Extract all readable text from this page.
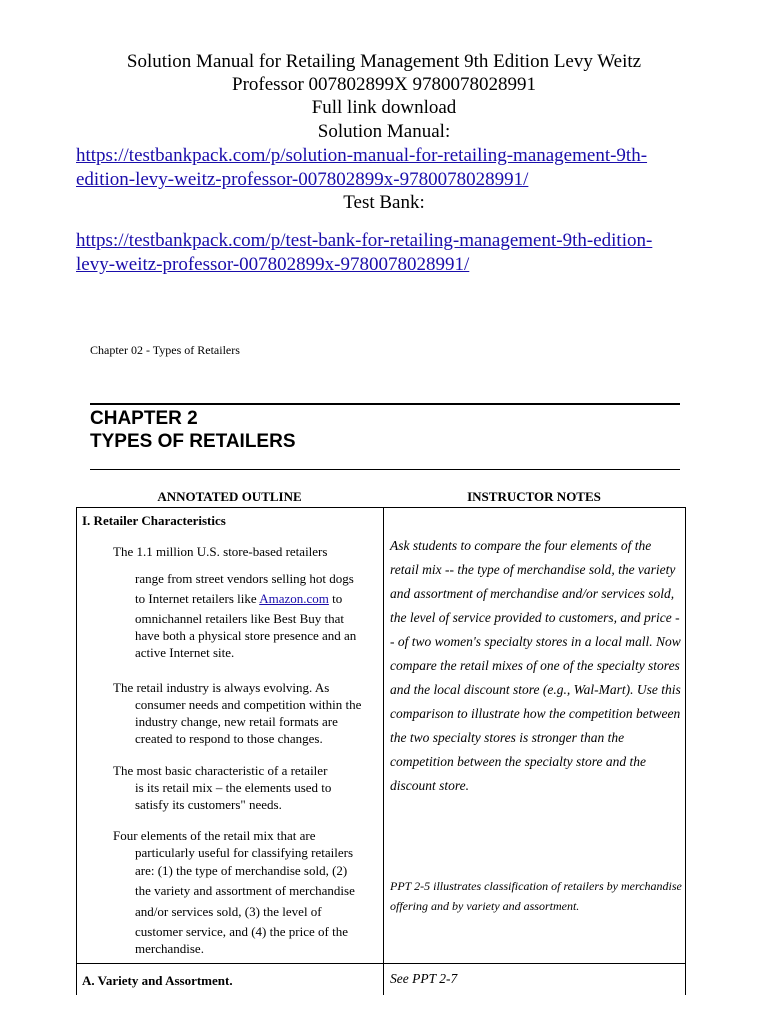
Solution Manual for Retailing Management 9th Edition Levy Weitz
Professor 007802899X 9780078028991
Full link download
Solution Manual:
https://testbankpack.com/p/solution-manual-for-retailing-management-9th-
edition-levy-weitz-professor-007802899x-9780078028991/
Test Bank:
https://testbankpack.com/p/test-bank-for-retailing-management-9th-edition-
levy-weitz-professor-007802899x-9780078028991/
Chapter 02 - Types of Retailers
CHAPTER 2
TYPES OF RETAILERS
ANNOTATED OUTLINE	INSTRUCTOR NOTES
I. Retailer Characteristics
The 1.1 million U.S. store-based retailers
range from street vendors selling hot dogs
to Internet retailers like Amazon.com to
omnichannel retailers like Best Buy that
have both a physical store presence and an
active Internet site.
The retail industry is always evolving. As
consumer needs and competition within the
industry change, new retail formats are
created to respond to those changes.
The most basic characteristic of a retailer
is its retail mix – the elements used to
satisfy its customers" needs.
Four elements of the retail mix that are
particularly useful for classifying retailers
are: (1) the type of merchandise sold, (2)
the variety and assortment of merchandise
and/or services sold, (3) the level of
customer service, and (4) the price of the
merchandise.
A. Variety and Assortment.
Ask students to compare the four elements of the retail mix -- the type of merchandise sold, the variety and assortment of merchandise and/or services sold, the level of service provided to customers, and price -- of two women's specialty stores in a local mall. Now compare the retail mixes of one of the specialty stores and the local discount store (e.g., Wal-Mart). Use this comparison to illustrate how the competition between the two specialty stores is stronger than the competition between the specialty store and the discount store.
PPT 2-5 illustrates classification of retailers by merchandise offering and by variety and assortment.
See PPT 2-7
